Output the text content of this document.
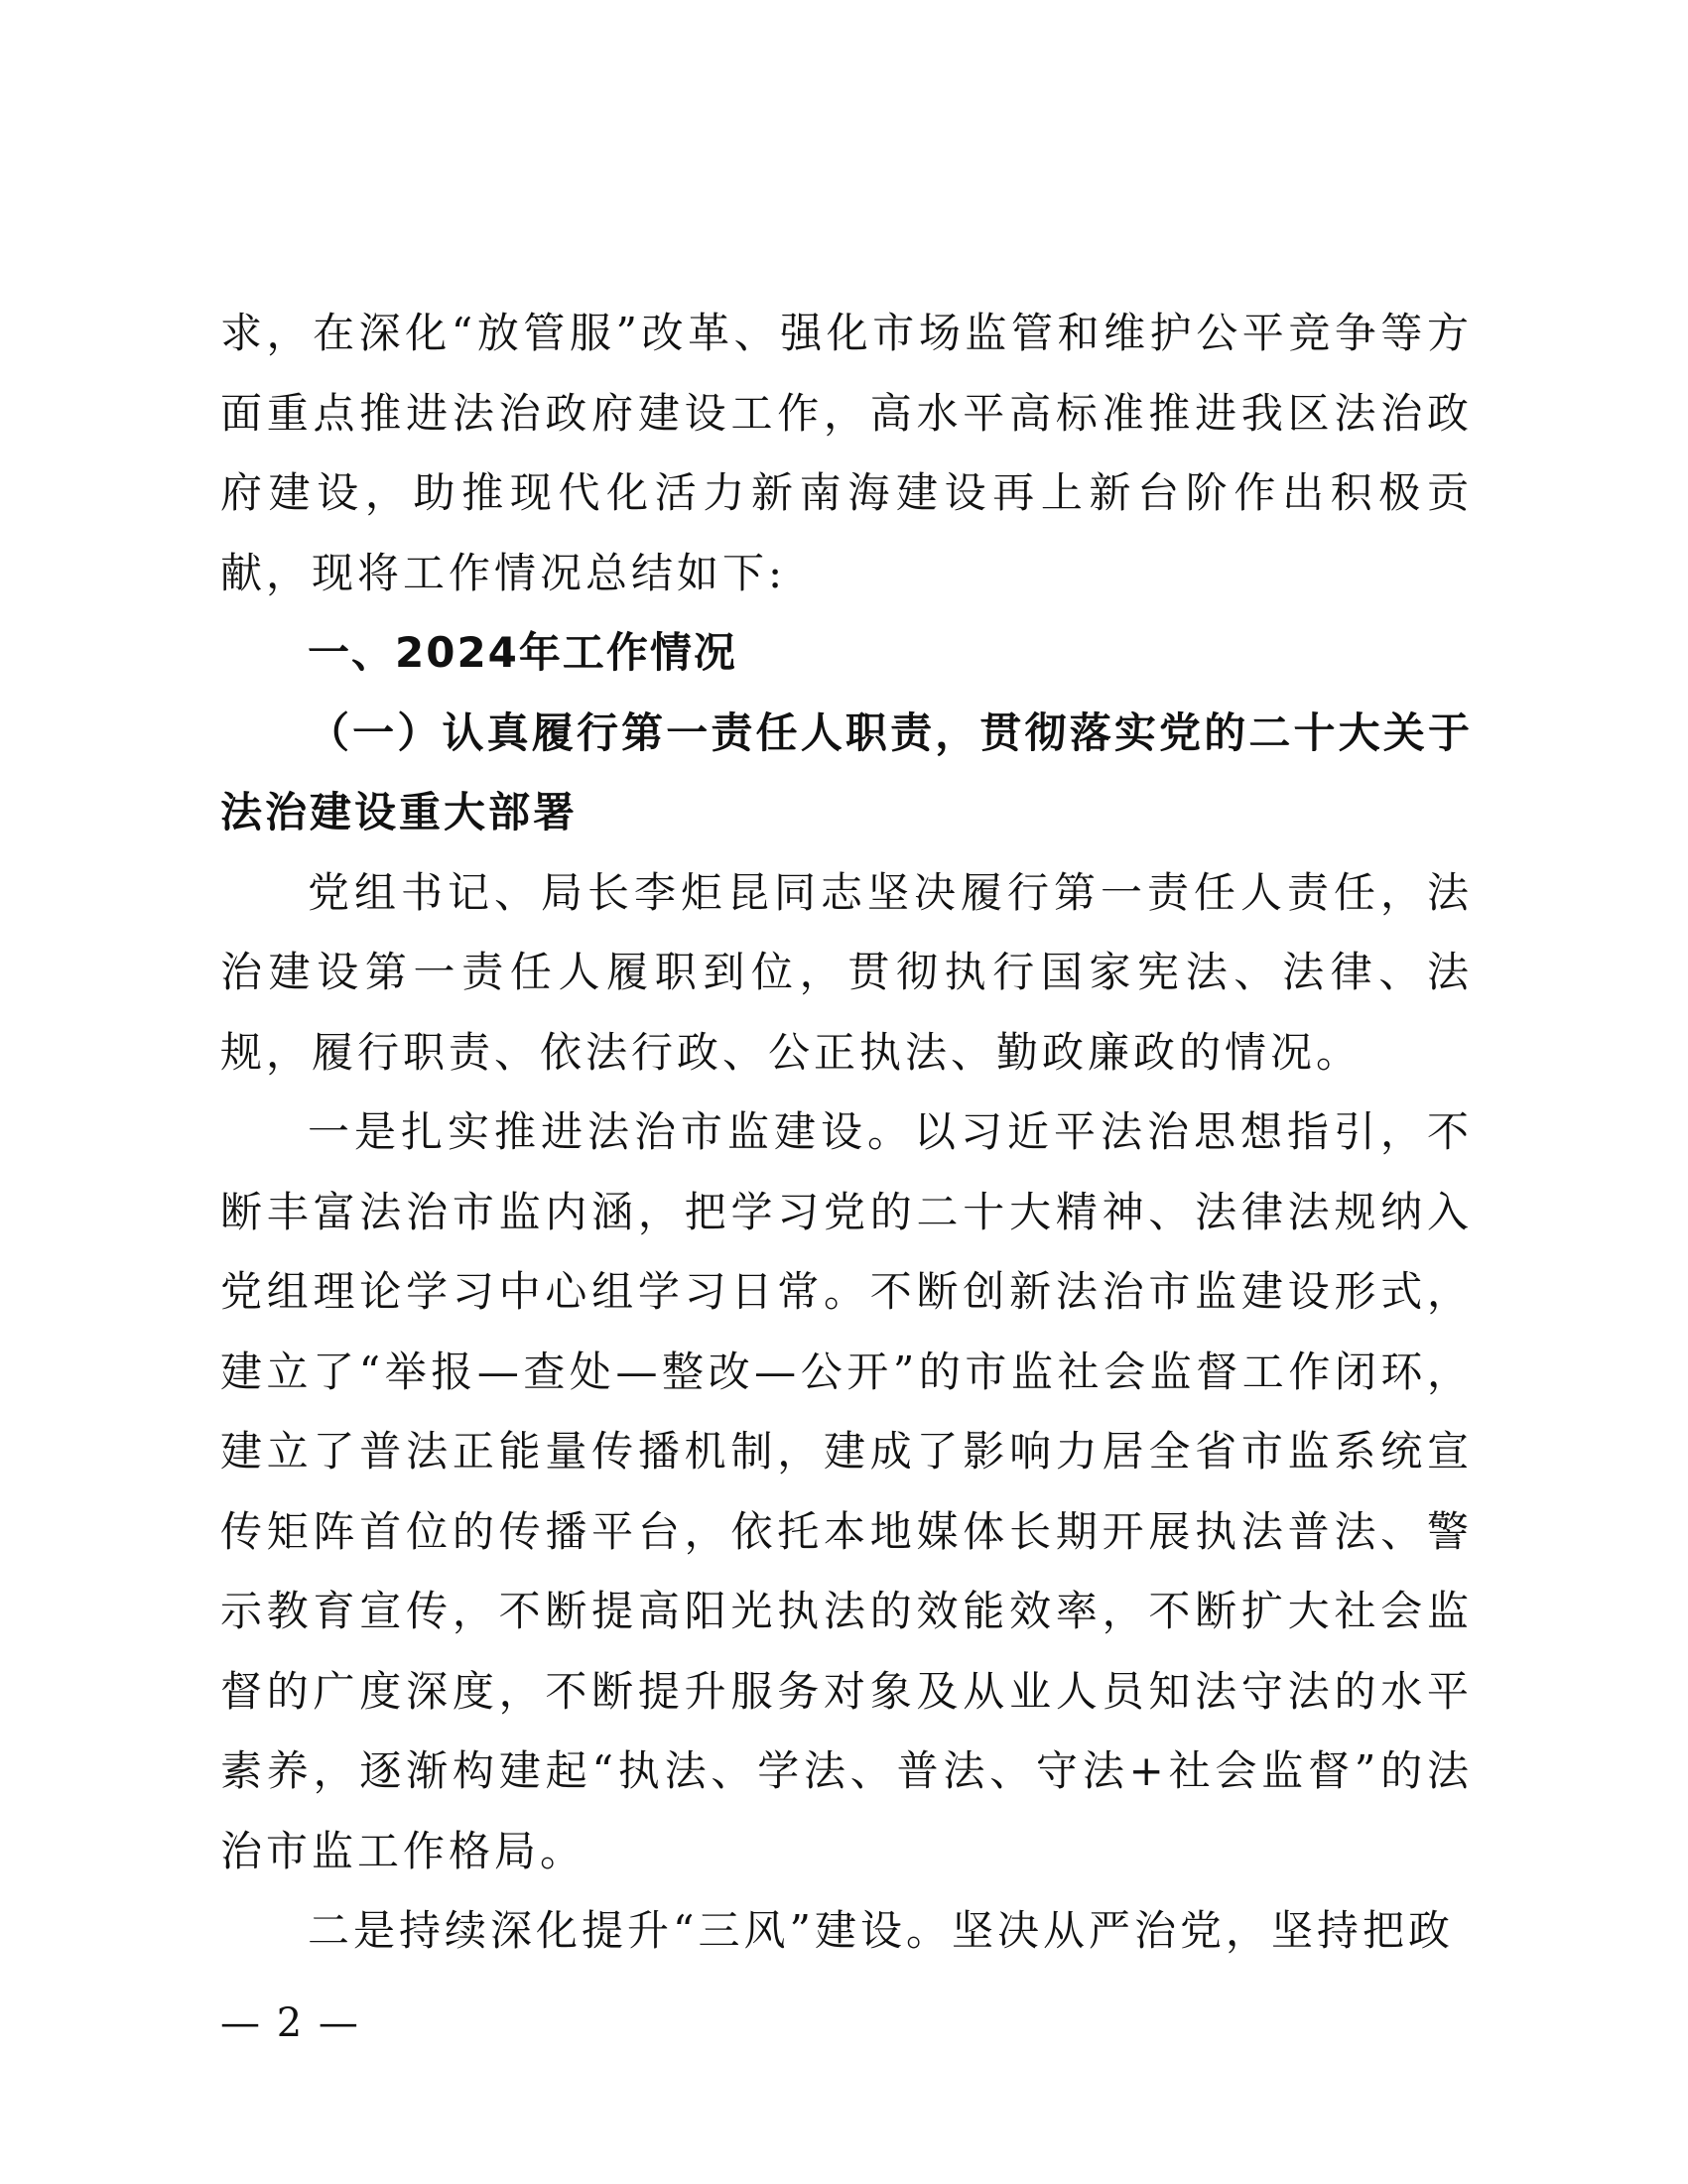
求，在深化“放管服”改革、强化市场监管和维护公平竞争等方面重点推进法治政府建设工作，高水平高标准推进我区法治政府建设，助推现代化活力新南海建设再上新台阶作出积极贡献，现将工作情况总结如下:

一、2024年工作情况

（一）认真履行第一责任人职责，贯彻落实党的二十大关于法治建设重大部署

党组书记、局长李炬昆同志坚决履行第一责任人责任，法治建设第一责任人履职到位，贯彻执行国家宪法、法律、法规，履行职责、依法行政、公正执法、勤政廉政的情况。

一是扎实推进法治市监建设。以习近平法治思想指引，不断丰富法治市监内涵，把学习党的二十大精神、法律法规纳入党组理论学习中心组学习日常。不断创新法治市监建设形式，建立了“举报—查处—整改—公开”的市监社会监督工作闭环，建立了普法正能量传播机制，建成了影响力居全省市监系统宣传矩阵首位的传播平台，依托本地媒体长期开展执法普法、警示教育宣传，不断提高阳光执法的效能效率，不断扩大社会监督的广度深度，不断提升服务对象及从业人员知法守法的水平素养，逐渐构建起“执法、学法、普法、守法+社会监督”的法治市监工作格局。

二是持续深化提升“三风”建设。坚决从严治党，坚持把政

— 2 —
